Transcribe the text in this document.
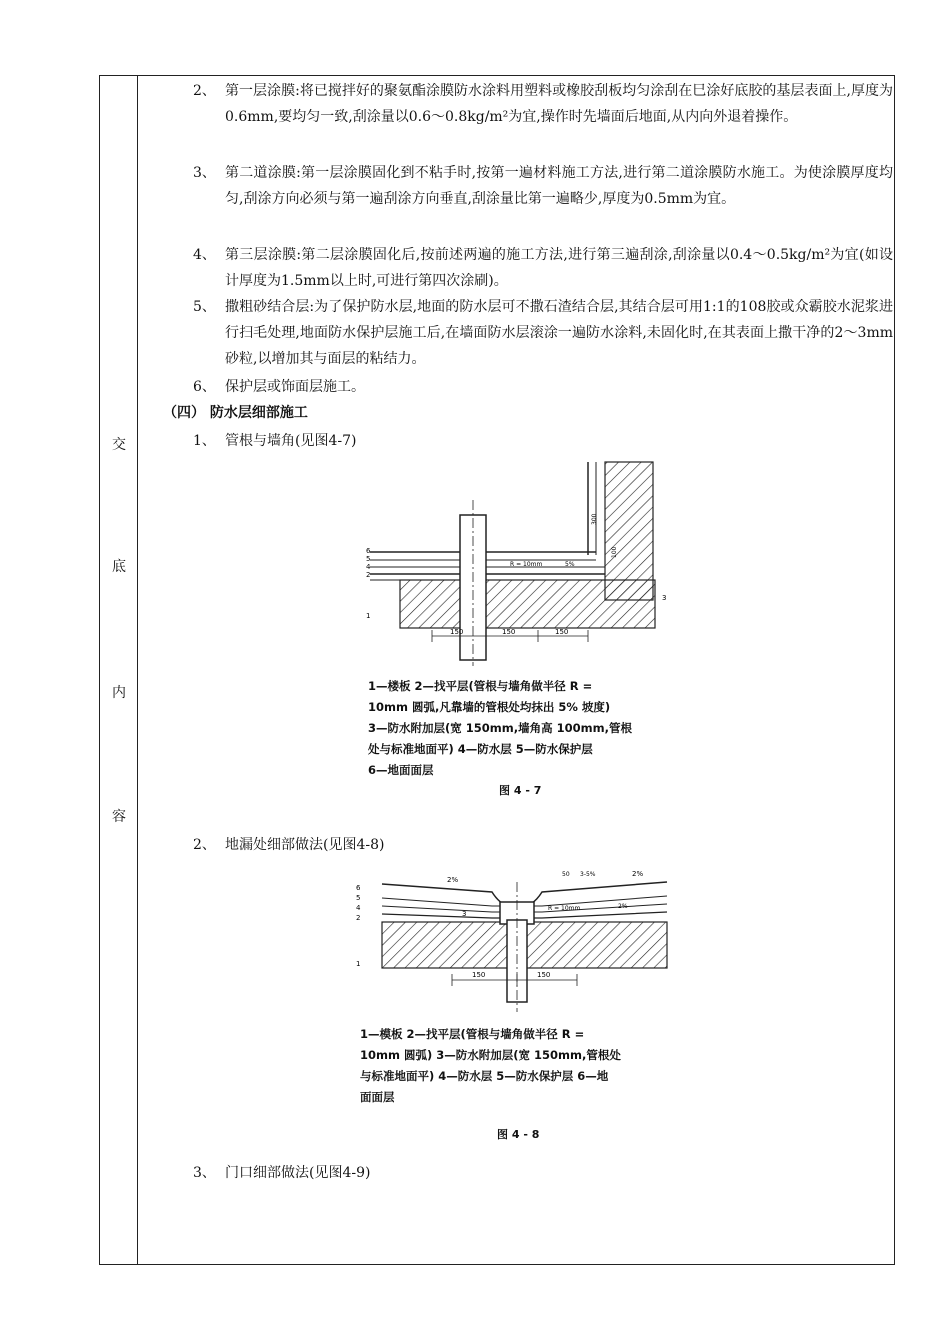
交
底
内
容
2、 第一层涂膜:将已搅拌好的聚氨酯涂膜防水涂料用塑料或橡胶刮板均匀涂刮在巳涂好底胶的基层表面上,厚度为0.6mm,要均匀一致,刮涂量以0.6～0.8kg/m²为宜,操作时先墙面后地面,从内向外退着操作。
3、 第二道涂膜:第一层涂膜固化到不粘手时,按第一遍材料施工方法,进行第二道涂膜防水施工。为使涂膜厚度均匀,刮涂方向必须与第一遍刮涂方向垂直,刮涂量比第一遍略少,厚度为0.5mm为宜。
4、 第三层涂膜:第二层涂膜固化后,按前述两遍的施工方法,进行第三遍刮涂,刮涂量以0.4～0.5kg/m²为宜(如设计厚度为1.5mm以上时,可进行第四次涂刷)。
5、 撒粗砂结合层:为了保护防水层,地面的防水层可不撒石渣结合层,其结合层可用1:1的108胶或众霸胶水泥浆进行扫毛处理,地面防水保护层施工后,在墙面防水层滚涂一遍防水涂料,未固化时,在其表面上撒干净的2～3mm砂粒,以增加其与面层的粘结力。
6、 保护层或饰面层施工。
（四） 防水层细部施工
1、 管根与墙角(见图4-7)
6
5
4
2
1
3
150	150	150
300
100
R = 10mm	5%
1—楼板 2—找平层(管根与墙角做半径 R =
10mm 圆弧,凡靠墙的管根处均抹出 5% 坡度)
3—防水附加层(宽 150mm,墙角高 100mm,管根
处与标准地面平) 4—防水层 5—防水保护层
6—地面面层
图 4 - 7
2、 地漏处细部做法(见图4-8)
6
5
4
2
1
3
2%
50 3-5%	2%
2%
R = 10mm
150	150
1—模板 2—找平层(管根与墙角做半径 R =
10mm 圆弧) 3—防水附加层(宽 150mm,管根处
与标准地面平) 4—防水层 5—防水保护层 6—地
面面层
图 4 - 8
3、 门口细部做法(见图4-9)
